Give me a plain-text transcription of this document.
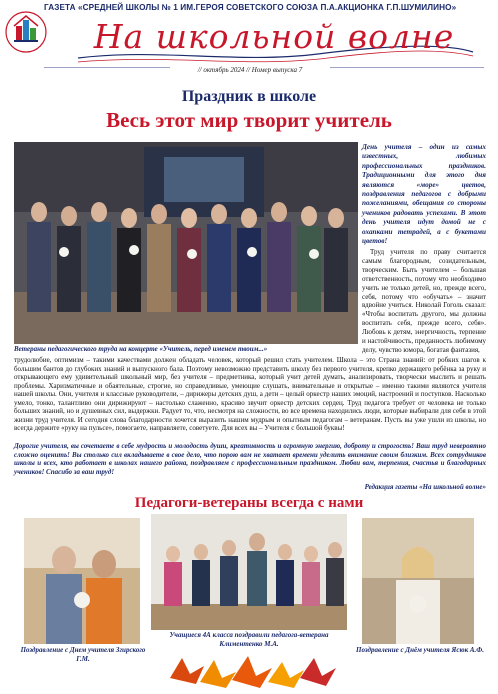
ГАЗЕТА «СРЕДНЕЙ ШКОЛЫ № 1 ИМ.ГЕРОЯ СОВЕТСКОГО СОЮЗА П.А.АКЦИОНКА Г.П.ШУМИЛИНО»
На школьной волне
// октябрь 2024 // Номер выпуска 7
Праздник в школе
Весь этот мир творит учитель
Ветераны педагогического труда на концерте «Учитель, перед именем твоим...»
День учителя – один из самых известных, любимых профессиональных праздников. Традиционными для этого дня являются «море» цветов, поздравления педагогов с добрыми пожеланиями, обещания со стороны учеников радовать успехами. В этот день учителя идут домой не с охапками тетрадей, а с букетами цветов!
Труд учителя по праву считается самым благородным, созидательным, творческим. Быть учителем – большая ответственность, потому что необходимо учить не только детей, но, прежде всего, себя, потому что «обучать» – значит вдвойне учиться. Николай Гоголь сказал: «Чтобы воспитать другого, мы должны воспитать себя, прежде всего, себя». Любовь к детям, энергичность, терпение и настойчивость, преданность любимому делу, чувство юмора, богатая фантазия,
трудолюбие, оптимизм – такими качествами должен обладать человек, который решил стать учителем. Школа – это Страна знаний: от робких шагов к большим бантов до глубоких знаний и выпускного бала. Поэтому невозможно представить школу без первого учителя, крепко держащего ребёнка за руку и открывающего ему удивительный школьный мир, без учителя – предметника, который учит детей думать, анализировать, творчески мыслить и решать проблемы. Харизматичные и обаятельные, строгие, но справедливые, умеющие слушать, внимательные и открытые – именно такими являются учителя нашей школы. Они, учителя и классные руководители, – дирижеры детских душ, а дети – целый оркестр наших эмоций, настроений и поступков. Насколько умело, тонко, талантливо они дирижируют – настолько слаженно, красиво звучит оркестр детских сердец. Труд педагога требует от человека не только больших знаний, но и душевных сил, выдержки. Радует то, что, несмотря на сложности, во все времена находились люди, которые выбирали для себя в этой жизни труд учителя. И сегодня слова благодарности хочется выразить нашим мудрым и опытным педагогам – ветеранам. Пусть вы уже ушли из школы, но всегда держите «руку на пульсе», помогаете, направляете, советуете. Для всех вы – Учителя с большой буквы!
Дорогие учителя, вы сочетаете в себе мудрость и молодость души, креативность и огромную энергию, доброту и строгость! Ваш труд невероятно сложно оценить! Вы столько сил вкладываете в свое дело, что порою вам не хватает времени уделить внимание своим близким. Всех сотрудников школы и всех, кто работает в школах нашего района, поздравляем с профессиональным праздником. Любви вам, терпения, счастья и благодарных учеников! Спасибо за ваш труд!
Редакция газеты «На школьной волне»
Педагоги-ветераны всегда с нами
Поздравление с Днем учителя Згирского Г.М.
Учащиеся 4А класса поздравили педагога-ветерана Климентенко М.А.
Поздравление с Днём учителя Ясюк А.Ф.
